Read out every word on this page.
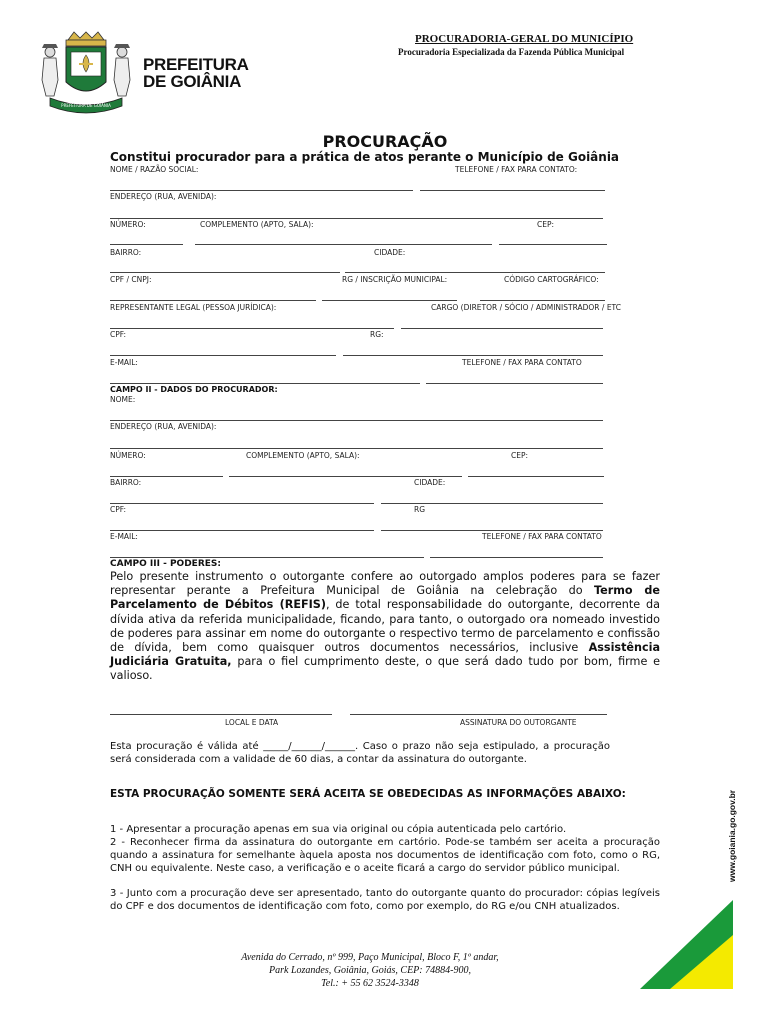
PROCURADORIA-GERAL DO MUNICÍPIO
Procuradoria Especializada da Fazenda Pública Municipal
PREFEITURA DE GOIÂNIA
PREFEITURA
DE GOIÂNIA
PROCURAÇÃO
Constitui procurador para a prática de atos perante o Município de Goiânia
NOME / RAZÃO SOCIAL:	TELEFONE / FAX PARA CONTATO:
ENDEREÇO (RUA, AVENIDA):
NÚMERO:	COMPLEMENTO (APTO, SALA):	CEP:
BAIRRO:	CIDADE:
CPF / CNPJ:	RG / INSCRIÇÃO MUNICIPAL:	CÓDIGO CARTOGRÁFICO:
REPRESENTANTE LEGAL (PESSOA JURÍDICA):	CARGO (DIRETOR / SÓCIO / ADMINISTRADOR / ETC
CPF:	RG:
E-MAIL:	TELEFONE / FAX PARA CONTATO
CAMPO II - DADOS DO PROCURADOR:
NOME:
ENDEREÇO (RUA, AVENIDA):
NÚMERO:	COMPLEMENTO (APTO, SALA):	CEP:
BAIRRO:	CIDADE:
CPF:	RG
E-MAIL:	TELEFONE / FAX PARA CONTATO
CAMPO III - PODERES:
Pelo presente instrumento o outorgante confere ao outorgado amplos poderes para se fazer representar perante a Prefeitura Municipal de Goiânia na celebração do Termo de Parcelamento de Débitos (REFIS), de total responsabilidade do outorgante, decorrente da dívida ativa da referida municipalidade, ficando, para tanto, o outorgado ora nomeado investido de poderes para assinar em nome do outorgante o respectivo termo de parcelamento e confissão de dívida, bem como quaisquer outros documentos necessários, inclusive Assistência Judiciária Gratuita, para o fiel cumprimento deste, o que será dado tudo por bom, firme e valioso.
LOCAL E DATA	ASSINATURA DO OUTORGANTE
Esta procuração é válida até _____/______/______. Caso o prazo não seja estipulado, a procuração será considerada com a validade de 60 dias, a contar da assinatura do outorgante.
ESTA PROCURAÇÃO SOMENTE SERÁ ACEITA SE OBEDECIDAS AS INFORMAÇÕES ABAIXO:
1 - Apresentar a procuração apenas em sua via original ou cópia autenticada pelo cartório.
2 - Reconhecer firma da assinatura do outorgante em cartório. Pode-se também ser aceita a procuração quando a assinatura for semelhante àquela aposta nos documentos de identificação com foto, como o RG, CNH ou equivalente. Neste caso, a verificação e o aceite ficará a cargo do servidor público municipal.
3 - Junto com a procuração deve ser apresentado, tanto do outorgante quanto do procurador: cópias legíveis do CPF e dos documentos de identificação com foto, como por exemplo, do RG e/ou CNH atualizados.
Avenida do Cerrado, nº 999, Paço Municipal, Bloco F, 1º andar,
Park Lozandes, Goiânia, Goiás, CEP: 74884-900,
Tel.: + 55 62 3524-3348
www.goiania.go.gov.br
